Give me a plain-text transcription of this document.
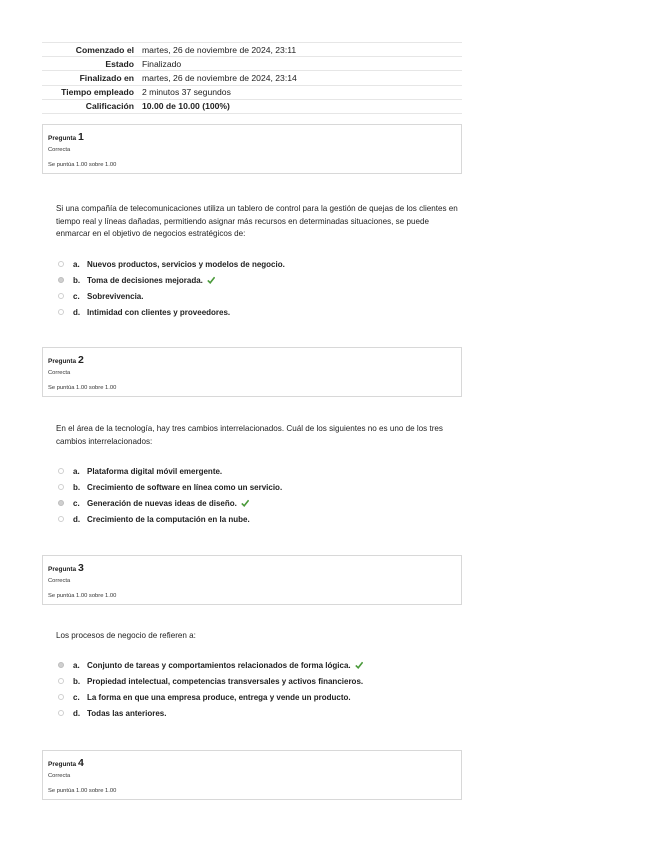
Comenzado el	martes, 26 de noviembre de 2024, 23:11
Estado	Finalizado
Finalizado en	martes, 26 de noviembre de 2024, 23:14
Tiempo empleado	2 minutos 37 segundos
Calificación	10.00 de 10.00 (100%)
Pregunta 1
Correcta
Se puntúa 1.00 sobre 1.00
Si una compañía de telecomunicaciones utiliza un tablero de control para la gestión de quejas de los clientes en tiempo real y líneas dañadas, permitiendo asignar más recursos en determinadas situaciones, se puede enmarcar en el objetivo de negocios estratégicos de:
a. Nuevos productos, servicios y modelos de negocio.
b. Toma de decisiones mejorada.
c. Sobrevivencia.
d. Intimidad con clientes y proveedores.
Pregunta 2
Correcta
Se puntúa 1.00 sobre 1.00
En el área de la tecnología, hay tres cambios interrelacionados. Cuál de los siguientes no es uno de los tres cambios interrelacionados:
a. Plataforma digital móvil emergente.
b. Crecimiento de software en línea como un servicio.
c. Generación de nuevas ideas de diseño.
d. Crecimiento de la computación en la nube.
Pregunta 3
Correcta
Se puntúa 1.00 sobre 1.00
Los procesos de negocio de refieren a:
a. Conjunto de tareas y comportamientos relacionados de forma lógica.
b. Propiedad intelectual, competencias transversales y activos financieros.
c. La forma en que una empresa produce, entrega y vende un producto.
d. Todas las anteriores.
Pregunta 4
Correcta
Se puntúa 1.00 sobre 1.00
